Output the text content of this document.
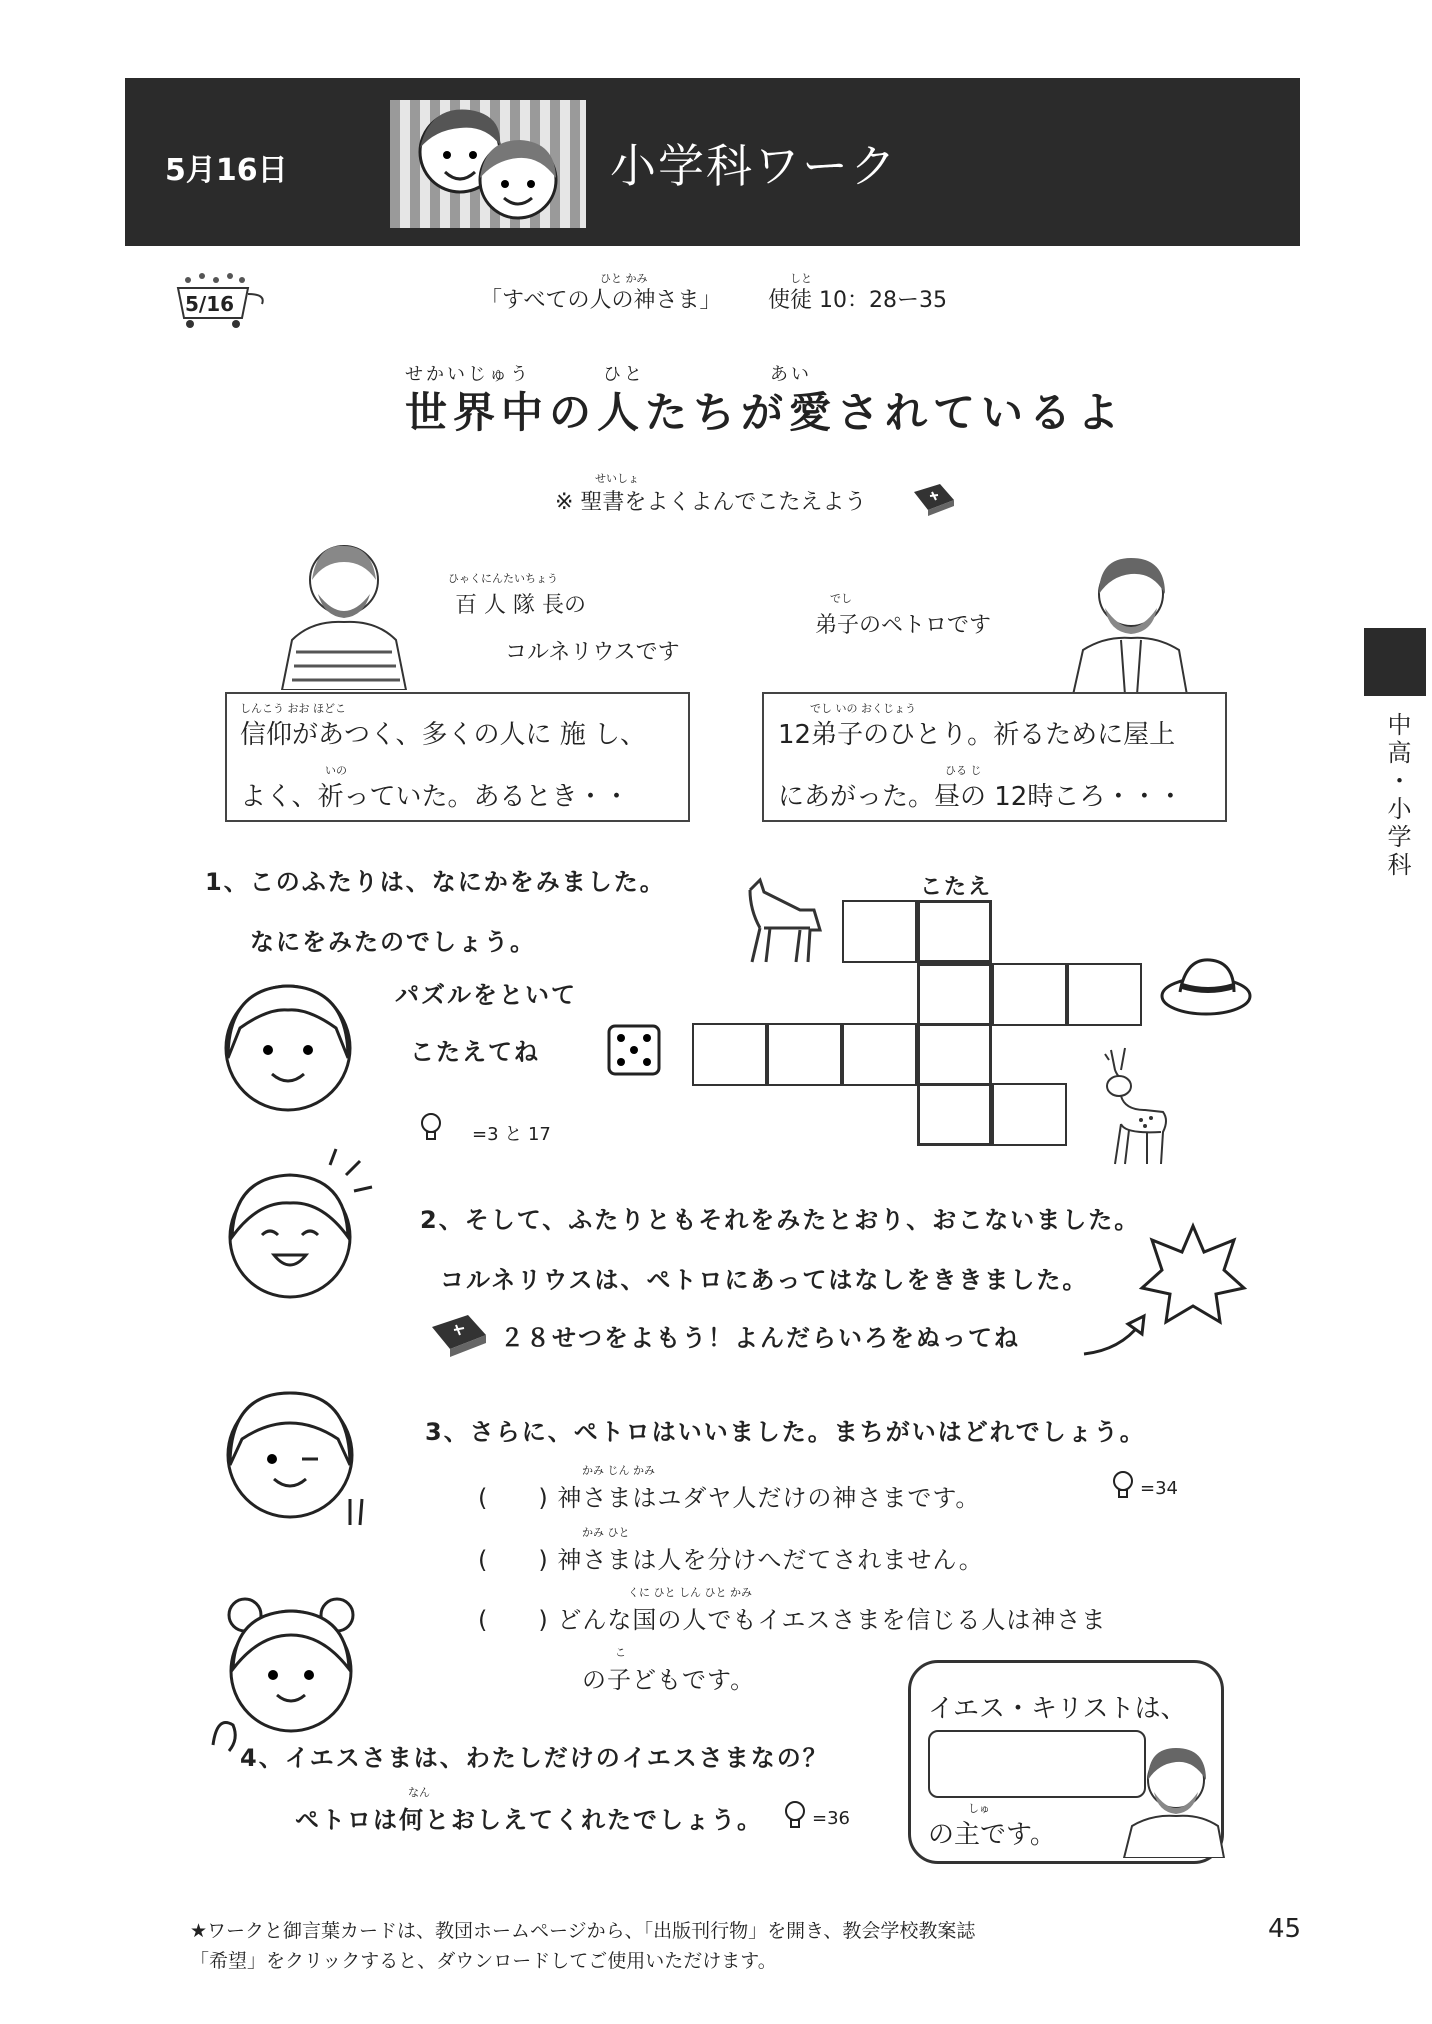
5月16日	小学科ワーク
中高・小学科
5/16
ひと かみ
「すべての人の神さま」
しと
使徒 10：28ー35
せかいじゅう	ひと	あい
世界中の人たちが愛されているよ
せいしょ
※ 聖書をよくよんでこたえよう
ひゃくにんたいちょう
百 人 隊 長の
コルネリウスです
しんこう おお ほどこ
信仰があつく、多くの人に 施 し、
いの
よく、祈っていた。あるとき・・
でし
弟子のペトロです
でし いの おくじょう
12弟子のひとり。祈るために屋上
ひる じ
にあがった。昼の 12時ころ・・・
1、このふたりは、なにかをみました。
なにをみたのでしょう。
パズルをといて
こたえてね
=3 と 17
こたえ
2、そして、ふたりともそれをみたとおり、おこないました。
コルネリウスは、ペトロにあってはなしをききました。
２８せつをよもう！よんだらいろをぬってね
3、さらに、ペトロはいいました。まちがいはどれでしょう。
かみ じん かみ
(　　) 神さまはユダヤ人だけの神さまです。	=34
かみ ひと
(　　) 神さまは人を分けへだてされません。
くに ひと しん ひと かみ
(　　) どんな国の人でもイエスさまを信じる人は神さま
こ
の子どもです。
4、イエスさまは、わたしだけのイエスさまなの？
なん
ペトロは何とおしえてくれたでしょう。	=36
イエス・キリストは、
しゅ
の主です。
★ワークと御言葉カードは、教団ホームページから、「出版刊行物」を開き、教会学校教案誌
「希望」をクリックすると、ダウンロードしてご使用いただけます。
45
